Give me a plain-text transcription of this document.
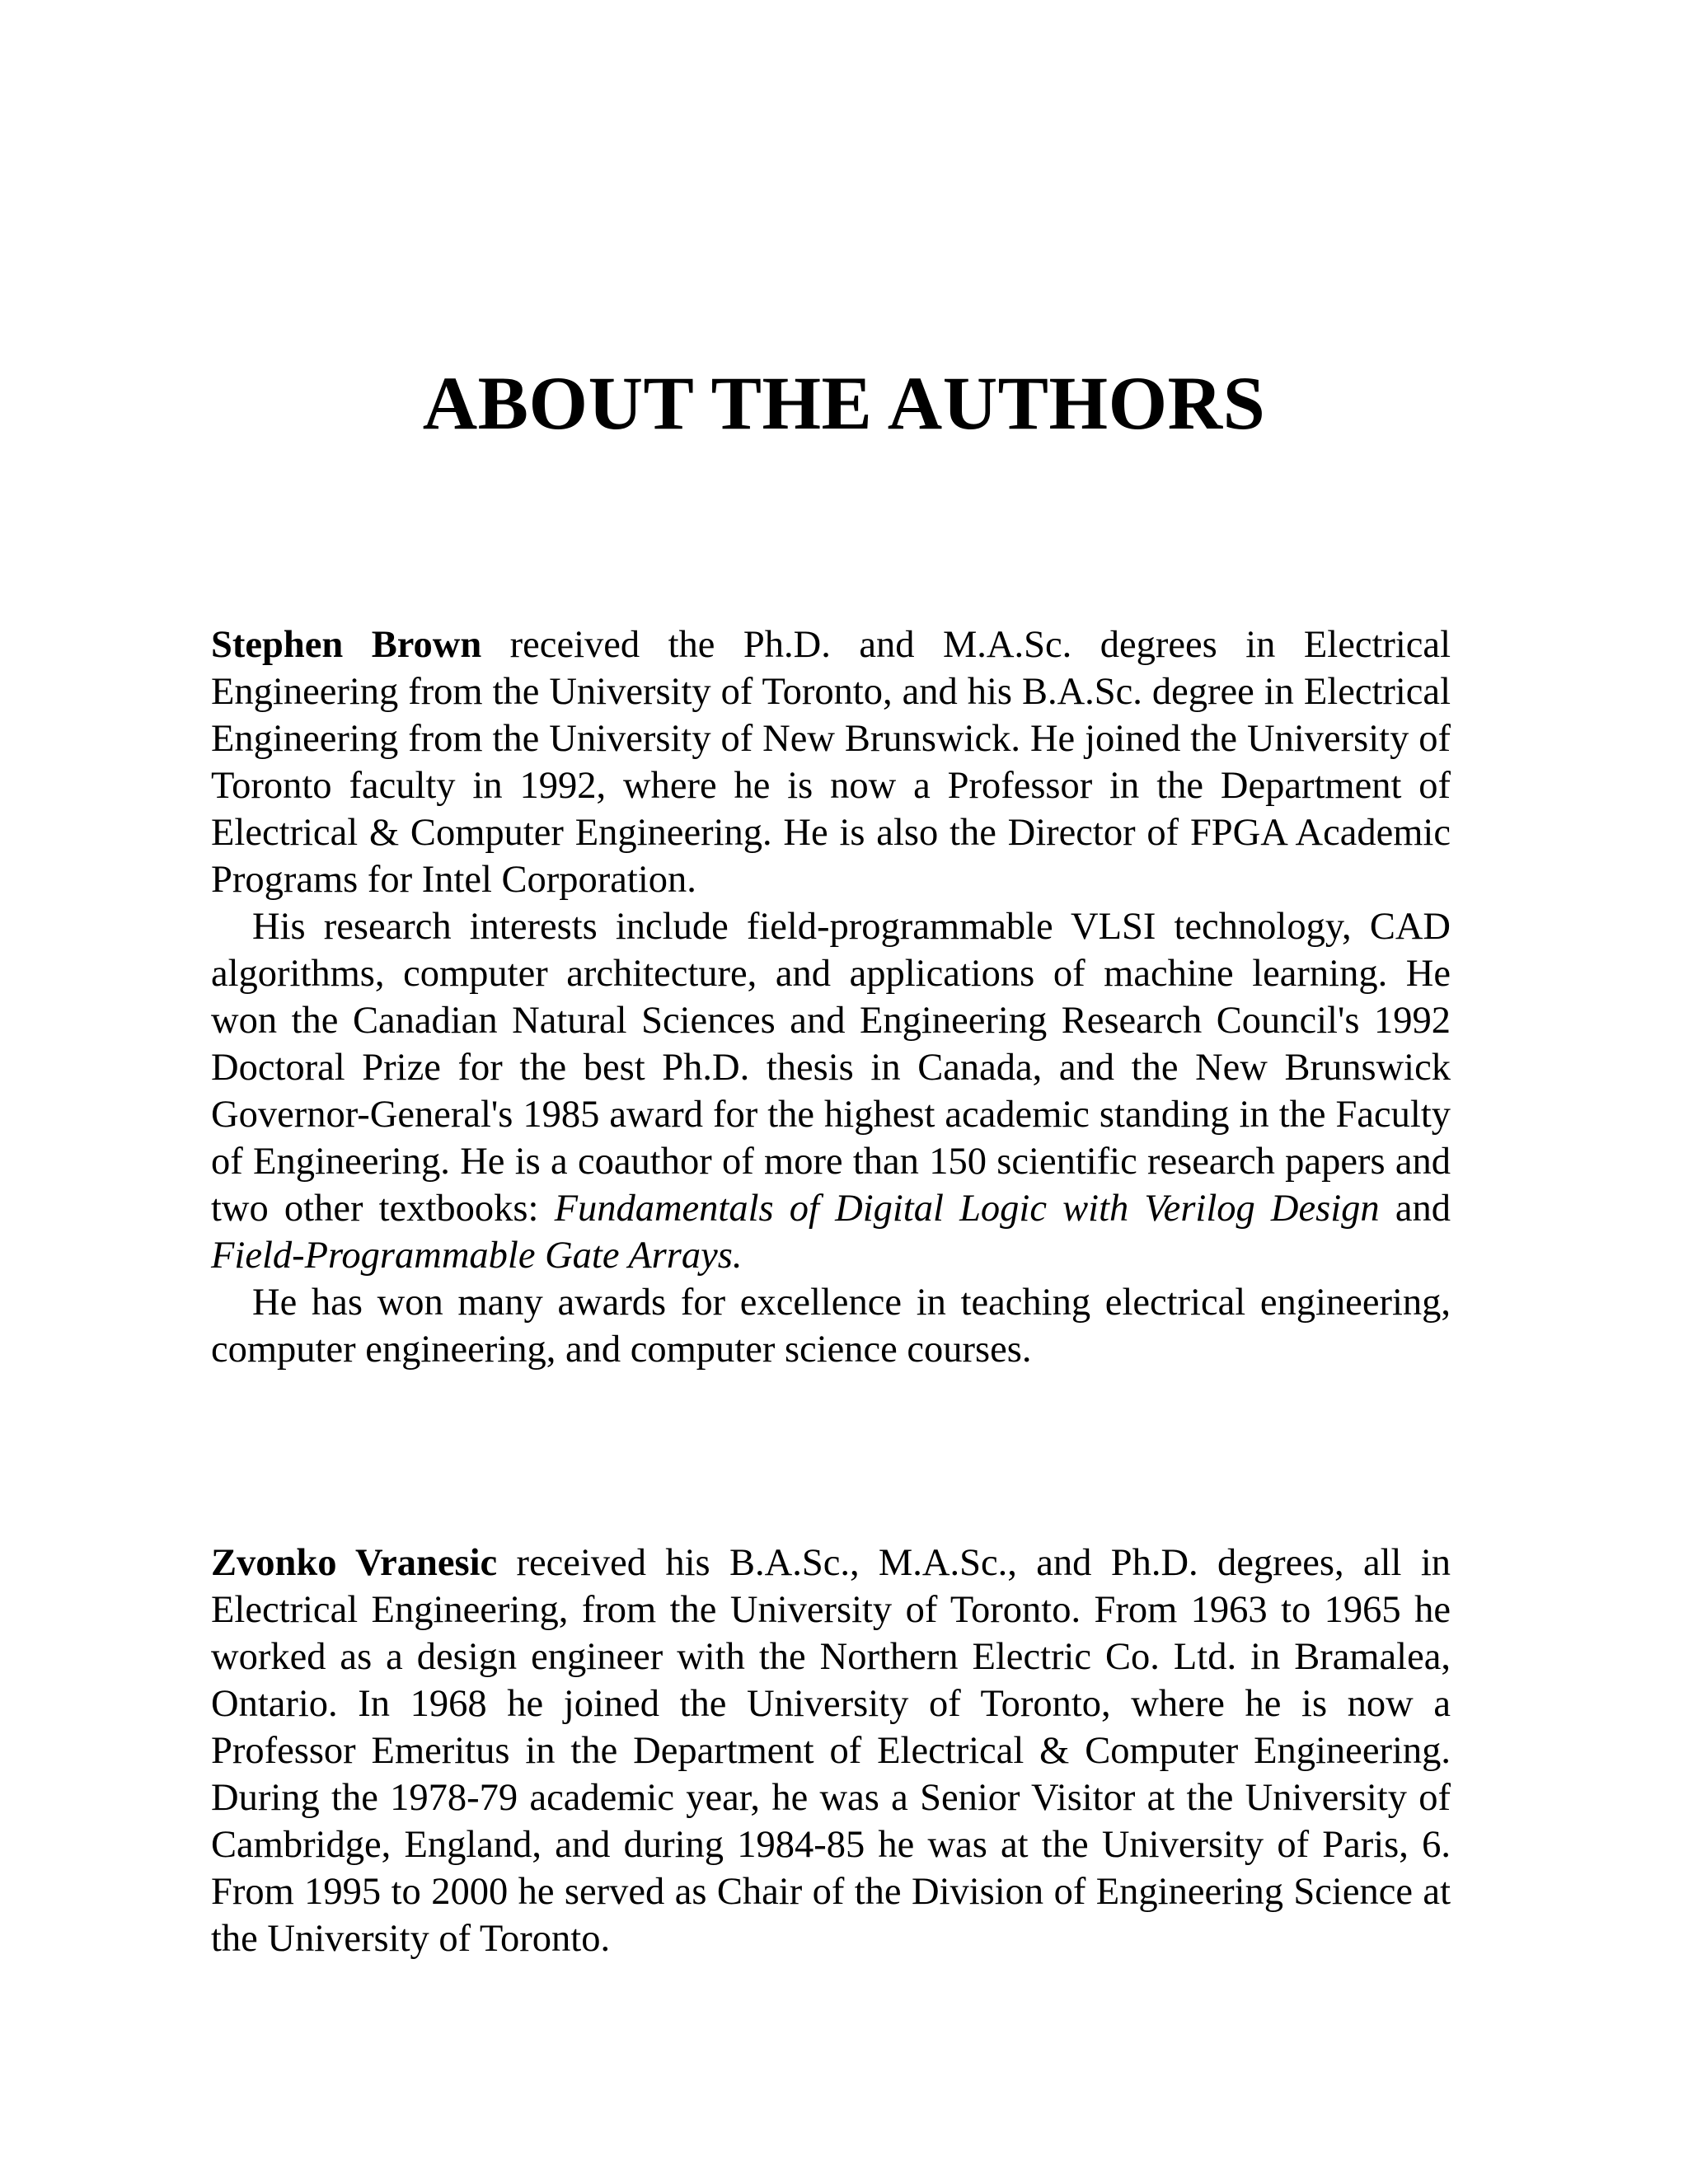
ABOUT THE AUTHORS

Stephen Brown received the Ph.D. and M.A.Sc. degrees in Electrical Engineering from the University of Toronto, and his B.A.Sc. degree in Electrical Engineering from the University of New Brunswick. He joined the University of Toronto faculty in 1992, where he is now a Professor in the Department of Electrical & Computer Engineering. He is also the Director of FPGA Academic Programs for Intel Corporation.

His research interests include field-programmable VLSI technology, CAD algorithms, computer architecture, and applications of machine learning. He won the Canadian Natural Sciences and Engineering Research Council's 1992 Doctoral Prize for the best Ph.D. thesis in Canada, and the New Brunswick Governor-General's 1985 award for the highest academic standing in the Faculty of Engineering. He is a coauthor of more than 150 scientific research papers and two other textbooks: Fundamentals of Digital Logic with Verilog Design and Field-Programmable Gate Arrays.

He has won many awards for excellence in teaching electrical engineering, computer engineering, and computer science courses.

Zvonko Vranesic received his B.A.Sc., M.A.Sc., and Ph.D. degrees, all in Electrical Engineering, from the University of Toronto. From 1963 to 1965 he worked as a design engineer with the Northern Electric Co. Ltd. in Bramalea, Ontario. In 1968 he joined the University of Toronto, where he is now a Professor Emeritus in the Department of Electrical & Computer Engineering. During the 1978-79 academic year, he was a Senior Visitor at the University of Cambridge, England, and during 1984-85 he was at the University of Paris, 6. From 1995 to 2000 he served as Chair of the Division of Engineering Science at the University of Toronto.
